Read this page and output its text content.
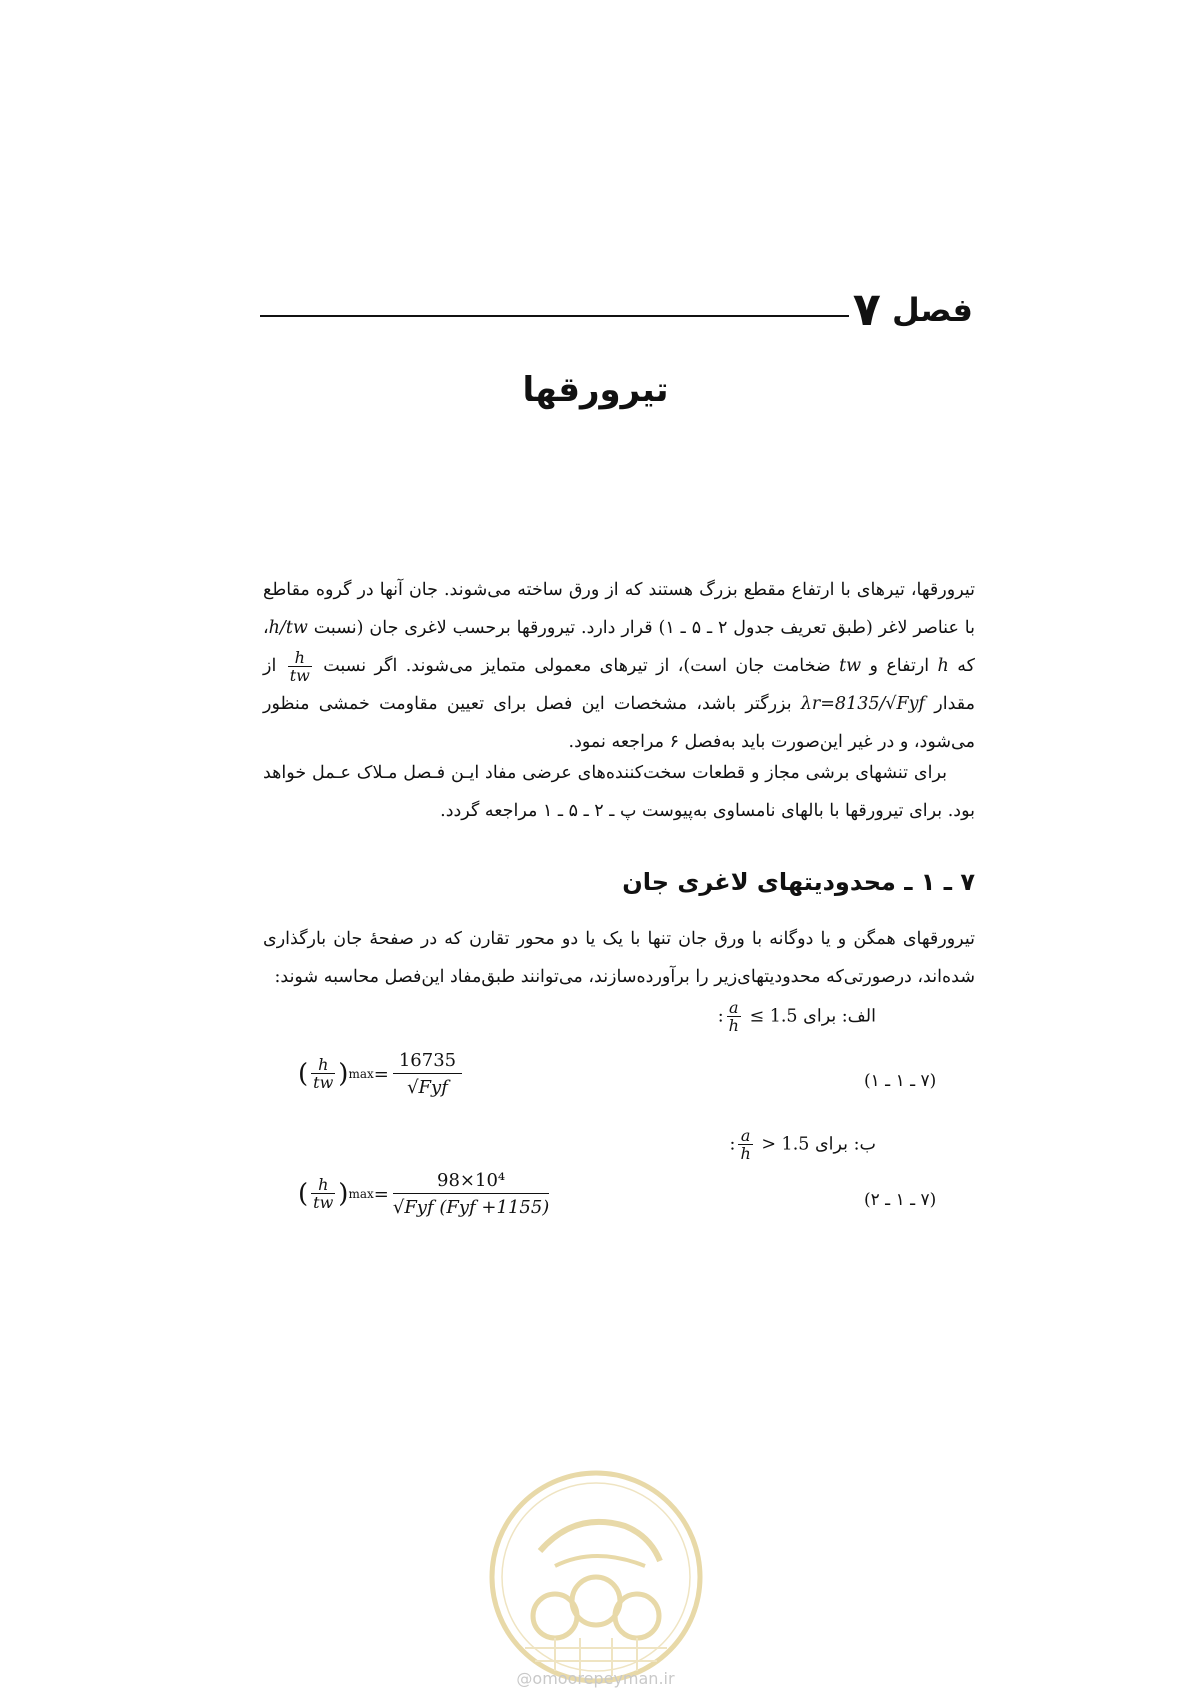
فصل ۷
تیرورقها
تیرورقها، تیرهای با ارتفاع مقطع بزرگ هستند که از ورق ساخته می‌شوند. جان آنها در گروه مقاطع با عناصر لاغر (طبق تعریف جدول ۲ ـ ۵ ـ ۱) قرار دارد. تیرورقها برحسب لاغری جان (نسبت h/tw، که h ارتفاع و tw ضخامت جان است)، از تیرهای معمولی متمایز می‌شوند. اگر نسبت
$\frac{h}{tw}$
از مقدار λr=8135/√Fyf بزرگتر باشد، مشخصات این فصل برای تعیین مقاومت خمشی منظور می‌شود، و در غیر این‌صورت باید به‌فصل ۶ مراجعه نمود.
برای تنشهای برشی مجاز و قطعات سخت‌کننده‌های عرضی مفاد ایـن فـصل مـلاک عـمل خواهد بود. برای تیرورقها با بالهای نامساوی به‌پیوست پ ـ ۲ ـ ۵ ـ ۱ مراجعه گردد.
۷ ـ ۱ ـ محدودیتهای لاغری جان
تیرورقهای همگن و یا دوگانه با ورق جان تنها با یک یا دو محور تقارن که در صفحهٔ جان بارگذاری شده‌اند، درصورتی‌که محدودیتهای‌زیر را برآورده‌سازند، می‌توانند طبق‌مفاد این‌فصل محاسبه شوند:
الف: برای ≤ 1.5
$\frac{a}{h}$
:
( $\frac{h}{tw}$ ) max =
16735
√Fyf	(۷ ـ ۱ ـ ۱)
ب: برای > 1.5
$\frac{a}{h}$
:
( $\frac{h}{tw}$ ) max =
98×10⁴
√Fyf (Fyf +1155)	(۷ ـ ۱ ـ ۲)
@omoorepeyman.ir
